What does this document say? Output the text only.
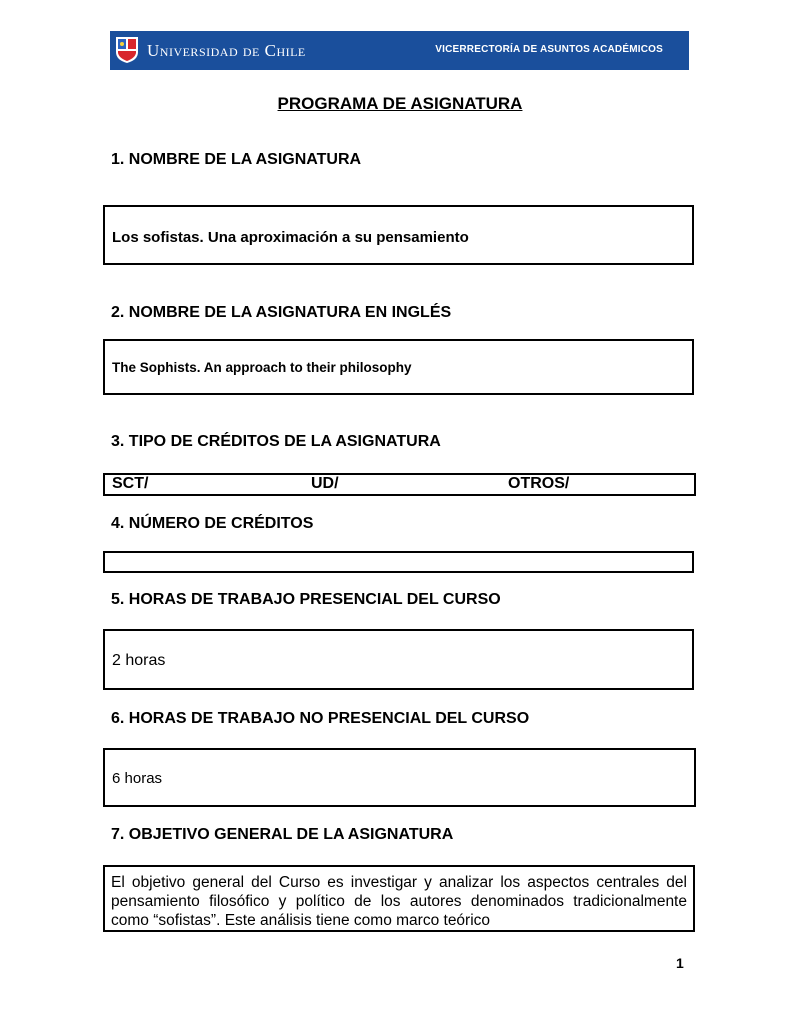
Universidad de Chile	VICERRECTORÍA DE ASUNTOS ACADÉMICOS
PROGRAMA DE ASIGNATURA
1. NOMBRE DE LA ASIGNATURA
Los sofistas. Una aproximación a su pensamiento
2. NOMBRE DE LA ASIGNATURA EN INGLÉS
The Sophists. An approach to their philosophy
3. TIPO DE CRÉDITOS DE LA ASIGNATURA
SCT/	UD/	OTROS/
4. NÚMERO DE CRÉDITOS
5. HORAS DE TRABAJO PRESENCIAL DEL CURSO
2 horas
6. HORAS DE TRABAJO NO PRESENCIAL DEL CURSO
6 horas
7. OBJETIVO GENERAL DE LA ASIGNATURA
El objetivo general del Curso es investigar y analizar los aspectos centrales del pensamiento filosófico y político de los autores denominados tradicionalmente como “sofistas”. Este análisis tiene como marco teórico
1
